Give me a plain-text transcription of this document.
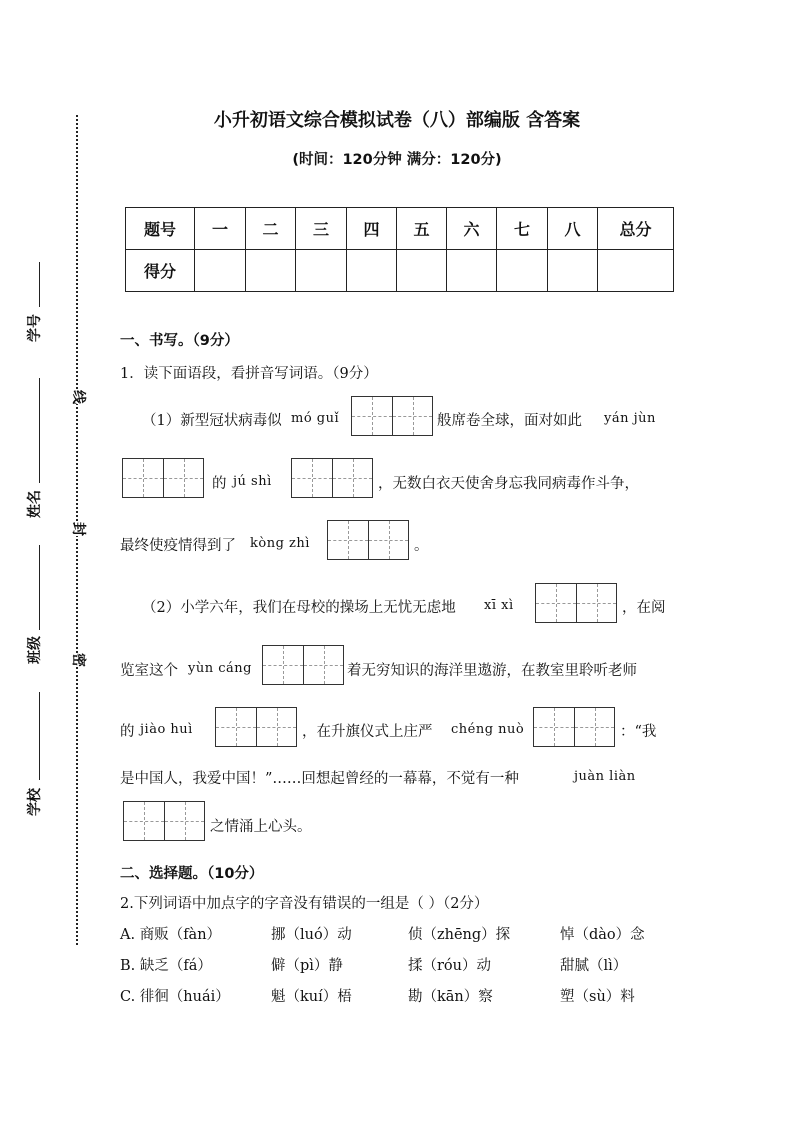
学号
姓名
班级
学校
线
封
密
小升初语文综合模拟试卷（八）部编版 含答案
(时间：120分钟 满分：120分)
题号	一	二	三	四	五	六	七	八	总分
得分									
一、书写。（9分）
1．读下面语段，看拼音写词语。（9分）
（1）新型冠状病毒似 mó guǐ	般席卷全球，面对如此 yán jùn
的 jú shì	，无数白衣天使舍身忘我同病毒作斗争，
最终使疫情得到了 kòng zhì	。
（2）小学六年，我们在母校的操场上无忧无虑地 xī xì	，在阅
览室这个 yùn cáng	着无穷知识的海洋里遨游，在教室里聆听老师
的 jiào huì	，在升旗仪式上庄严 chéng nuò	：“我
是中国人，我爱中国！”……回想起曾经的一幕幕，不觉有一种	juàn liàn
之情涌上心头。
二、选择题。（10分）
2.下列词语中加点字的字音没有错误的一组是（ ）（2分）
A. 商贩（fàn）	挪（luó）动	侦（zhēng）探	悼（dào）念
B. 缺乏（fá）	僻（pì）静	揉（róu）动	甜腻（lì）
C. 徘徊（huái）	魁（kuí）梧	勘（kān）察	塑（sù）料
